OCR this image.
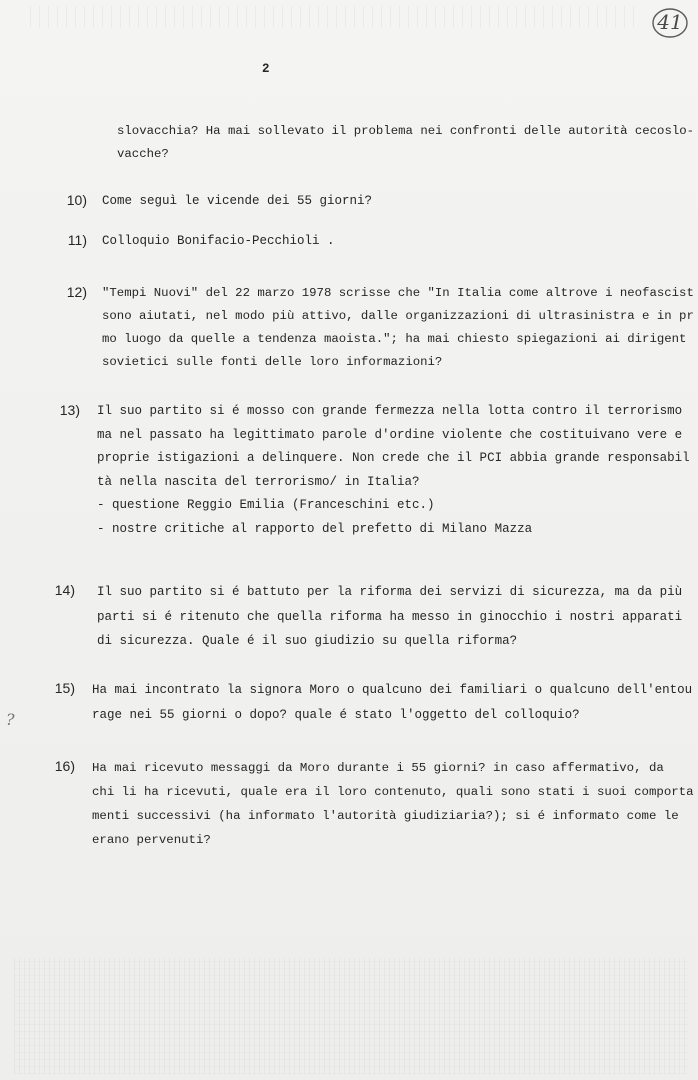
41
2
slovacchia? Ha mai sollevato il problema nei confronti delle autorità cecoslo-
vacche?
10) Come seguì le vicende dei 55 giorni?
11) Colloquio Bonifacio-Pecchioli .
12) "Tempi Nuovi" del 22 marzo 1978 scrisse che "In Italia come altrove i neofascist
sono aiutati, nel modo più attivo, dalle organizzazioni di ultrasinistra e in pr
mo luogo da quelle a tendenza maoista."; ha mai chiesto spiegazioni ai dirigent
sovietici sulle fonti delle loro informazioni?
13) Il suo partito si é mosso con grande fermezza nella lotta contro il terrorismo
ma nel passato ha legittimato parole d'ordine violente che costituivano vere e
proprie istigazioni a delinquere. Non crede che il PCI abbia grande responsabil
tà nella nascita del terrorismo/ in Italia?
- questione Reggio Emilia (Franceschini etc.)
- nostre critiche al rapporto del prefetto di Milano Mazza
14) Il suo partito si é battuto per la riforma dei servizi di sicurezza, ma da più
parti si é ritenuto che quella riforma ha messo in ginocchio i nostri apparati
di sicurezza. Quale é il suo giudizio su quella riforma?
15) Ha mai incontrato la signora Moro o qualcuno dei familiari o qualcuno dell'entou
rage nei 55 giorni o dopo? quale é stato l'oggetto del colloquio?
16) Ha mai ricevuto messaggi da Moro durante i 55 giorni? in caso affermativo, da
chi li ha ricevuti, quale era il loro contenuto, quali sono stati i suoi comporta
menti successivi (ha informato l'autorità giudiziaria?); si é informato come le
erano pervenuti?
?
